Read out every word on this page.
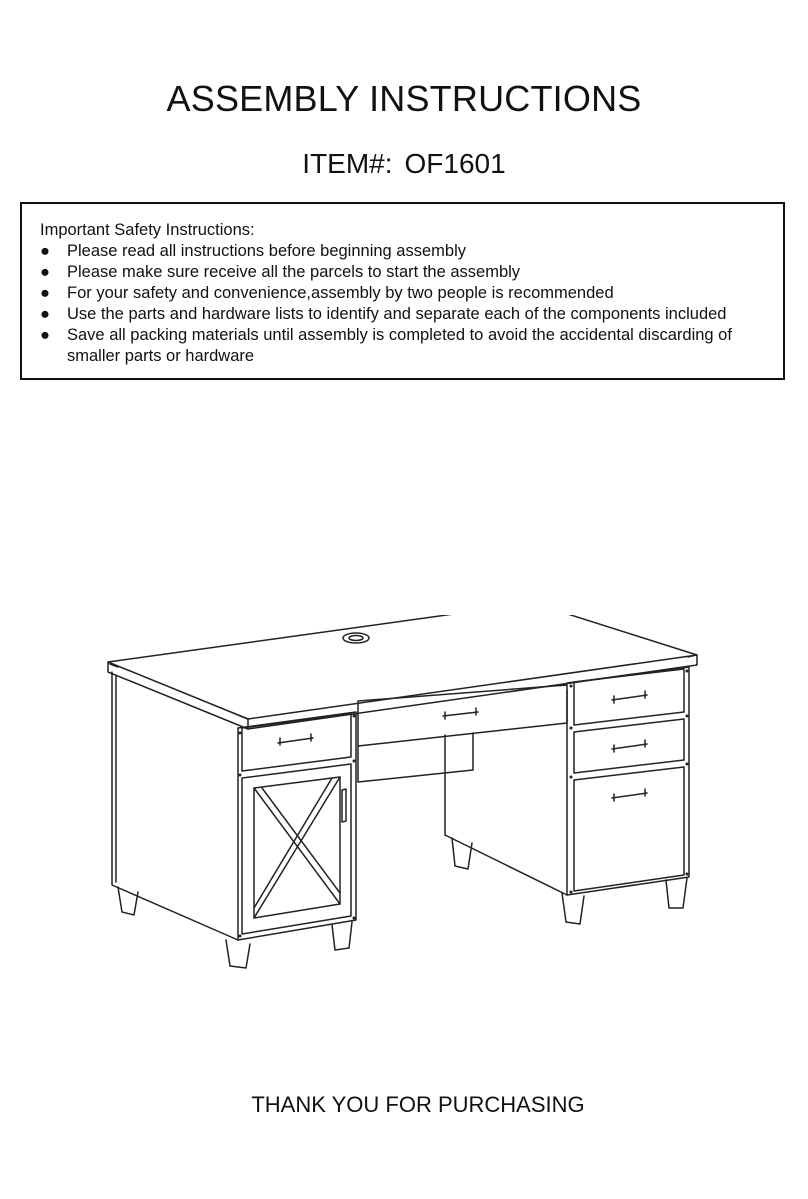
ASSEMBLY INSTRUCTIONS
ITEM#: OF1601
Important Safety Instructions:
● Please read all instructions before beginning assembly
● Please make sure receive all the parcels to start the assembly
● For your safety and convenience,assembly by two people is recommended
● Use the parts and hardware lists to identify and separate each of the components included
● Save all packing materials until assembly is completed to avoid the accidental discarding of smaller parts or hardware
THANK YOU FOR PURCHASING
